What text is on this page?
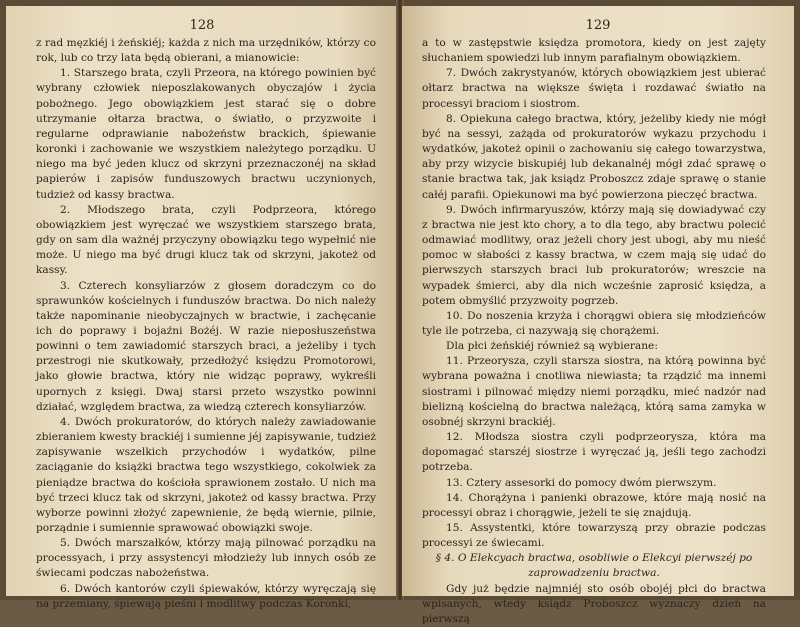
128

z rad męzkiéj i żeńskiéj; każda z nich ma urzędników, którzy co rok, lub co trzy lata będą obierani, a mianowicie:

1. Starszego brata, czyli Przeora, na którego powinien być wybrany człowiek nieposzlakowanych obyczajów i życia pobożnego. Jego obowiązkiem jest starać się o dobre utrzymanie ołtarza bractwa, o światło, o przyzwoite i regularne odprawianie nabożeństw brackich, śpiewanie koronki i zachowanie we wszystkiem należytego porządku. U niego ma być jeden klucz od skrzyni przeznaczonéj na skład papierów i zapisów funduszowych bractwu uczynionych, tudzież od kassy bractwa.

2. Młodszego brata, czyli Podprzeora, którego obowiązkiem jest wyręczać we wszystkiem starszego brata, gdy on sam dla ważnéj przyczyny obowiązku tego wypełnić nie może. U niego ma być drugi klucz tak od skrzyni, jakoteż od kassy.

3. Czterech konsyliarzów z głosem doradczym co do sprawunków kościelnych i funduszów bractwa. Do nich należy także napominanie nieobyczajnych w bractwie, i zachęcanie ich do poprawy i bojaźni Bożéj. W razie nieposłuszeństwa powinni o tem zawiadomić starszych braci, a jeżeliby i tych przestrogi nie skutkowały, przedłożyć księdzu Promotorowi, jako głowie bractwa, który nie widząc poprawy, wykreśli upornych z księgi. Dwaj starsi przeto wszystko powinni działać, względem bractwa, za wiedzą czterech konsyliarzów.

4. Dwóch prokuratorów, do których należy zawiadowanie zbieraniem kwesty brackiéj i sumienne jéj zapisywanie, tudzież zapisywanie wszelkich przychodów i wydatków, pilne zaciąganie do książki bractwa tego wszystkiego, cokolwiek za pieniądze bractwa do kościoła sprawionem zostało. U nich ma być trzeci klucz tak od skrzyni, jakoteż od kassy bractwa. Przy wyborze powinni złożyć zapewnienie, że będą wiernie, pilnie, porządnie i sumiennie sprawować obowiązki swoje.

5. Dwóch marszałków, którzy mają pilnować porządku na processyach, i przy assystencyi młodzieży lub innych osób ze świecami podczas nabożeństwa.

6. Dwóch kantorów czyli śpiewaków, którzy wyręczają się na przemiany, śpiewają pieśni i modlitwy podczas Koronki,

129

a to w zastępstwie księdza promotora, kiedy on jest zajęty słuchaniem spowiedzi lub innym parafialnym obowiązkiem.

7. Dwóch zakrystyanów, których obowiązkiem jest ubierać ołtarz bractwa na większe święta i rozdawać światło na processyi braciom i siostrom.

8. Opiekuna całego bractwa, który, jeżeliby kiedy nie mógł być na sessyi, zażąda od prokuratorów wykazu przychodu i wydatków, jakoteż opinii o zachowaniu się całego towarzystwa, aby przy wizycie biskupiéj lub dekanalnéj mógł zdać sprawę o stanie bractwa tak, jak ksiądz Proboszcz zdaje sprawę o stanie całéj parafii. Opiekunowi ma być powierzona pieczęć bractwa.

9. Dwóch infirmaryuszów, którzy mają się dowiadywać czy z bractwa nie jest kto chory, a to dla tego, aby bractwu polecić odmawiać modlitwy, oraz jeżeli chory jest ubogi, aby mu nieść pomoc w słabości z kassy bractwa, w czem mają się udać do pierwszych starszych braci lub prokuratorów; wreszcie na wypadek śmierci, aby dla nich wcześnie zaprosić księdza, a potem obmyślić przyzwoity pogrzeb.

10. Do noszenia krzyża i chorągwi obiera się młodzieńców tyle ile potrzeba, ci nazywają się chorążemi.

Dla płci żeńskiéj również są wybierane:

11. Przeorysza, czyli starsza siostra, na którą powinna być wybrana poważna i cnotliwa niewiasta; ta rządzić ma innemi siostrami i pilnować między niemi porządku, mieć nadzór nad bielizną kościelną do bractwa należącą, którą sama zamyka w osobnéj skrzyni brackiéj.

12. Młodsza siostra czyli podprzeorysza, która ma dopomagać starszéj siostrze i wyręczać ją, jeśli tego zachodzi potrzeba.

13. Cztery assesorki do pomocy dwóm pierwszym.

14. Chorążyna i panienki obrazowe, które mają nosić na processyi obraz i chorągwie, jeżeli te się znajdują.

15. Assystentki, które towarzyszą przy obrazie podczas processyi ze świecami.

§ 4. O Elekcyach bractwa, osobliwie o Elekcyi pierwszéj po zaprowadzeniu bractwa.

Gdy już będzie najmniéj sto osób obojéj płci do bractwa wpisanych, wtedy ksiądz Proboszcz wyznaczy dzień na pierwszą
